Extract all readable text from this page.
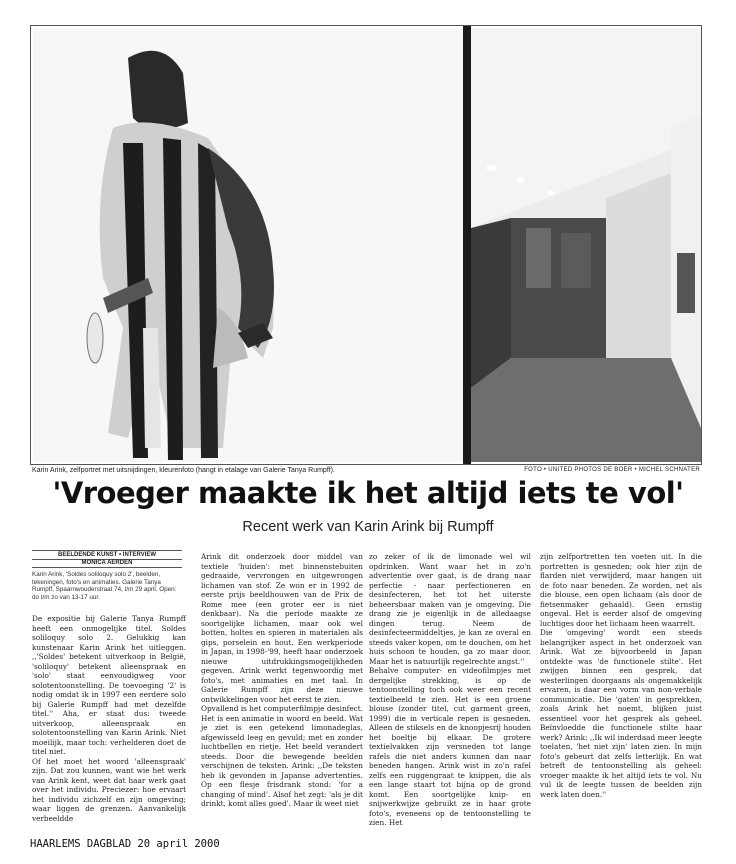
Karin Arink, zelfportret met uitsnijdingen, kleurenfoto (hangt in etalage van Galerie Tanya Rumpff).	FOTO • UNITED PHOTOS DE BOER • MICHEL SCHNATER
'Vroeger maakte ik het altijd iets te vol'
Recent werk van Karin Arink bij Rumpff
BEELDENDE KUNST • INTERVIEW
MONICA AERDEN
Karin Arink, 'Soldes soliloquy solo 2', beelden, tekeningen, foto's en animaties. Galerie Tanya Rumpff, Spaarnwouderstraat 74, t/m 29 april. Open: do t/m zo van 13-17 uur.

De expositie bij Galerie Tanya Rumpff heeft een onmogelijke titel. Soldes soliloquy solo 2. Gelukkig kan kunstenaar Karin Arink het uitleggen. ,,'Soldes' betekent uitverkoop in België, 'soliloquy' betekent alleenspraak en 'solo' staat eenvoudigweg voor solotentoonstelling. De toevoeging '2' is nodig omdat ik in 1997 een eerdere solo bij Galerie Rumpff had met dezelfde titel.'' Aha, er staat dus: tweede uitverkoop, alleenspraak en solotentoonstelling van Karin Arink. Niet moeilijk, maar toch: verhelderen doet de titel niet.

Of het moet het woord 'alleenspraak' zijn. Dat zou kunnen, want wie het werk van Arink kent, weet dat haar werk gaat over het individu. Preciezer: hoe ervaart het individu zichzelf en zijn omgeving; waar liggen de grenzen. Aanvankelijk verbeeldde

Arink dit onderzoek door middel van textiele 'huiden': met binnenstebuiten gedraaide, vervrongen en uitgewrongen lichamen van stof. Ze won er in 1992 de eerste prijs beeldhouwen van de Prix de Rome mee (een groter eer is niet denkbaar). Na die periode maakte ze soortgelijke lichamen, maar ook wel botten, holtes en spieren in materialen als gips, porselein en hout. Een werkperiode in Japan, in 1998-'99, heeft haar onderzoek nieuwe uitdrukkingsmogelijkheden gegeven. Arink werkt tegenwoordig met foto's, met animaties en met taal. In Galerie Rumpff zijn deze nieuwe ontwikkelingen voor het eerst te zien.

Opvallend is het computerfilmpje desinfect. Het is een animatie in woord en beeld. Wat je ziet is een getekend limonadeglas, afgewisseld leeg en gevuld; met en zonder luchtbellen en rietje. Het beeld verandert steeds. Door die bewegende beelden verschijnen de teksten. Arink: ,,De teksten heb ik gevonden in Japanse advertenties. Op een flesje frisdrank stond: 'for a changing of mind'. Alsof het zegt: 'als je dit drinkt, komt alles goed'. Maar ik weet niet

zo zeker of ik de limonade wel wil opdrinken. Want waar het in zo'n advertentie over gaat, is de drang naar perfectie - naar perfectioneren en desinfecteren, het tot het uiterste beheersbaar maken van je omgeving. Die drang zie je eigenlijk in de alledaagse dingen terug. Neem de desinfecteermiddeltjes, je kan ze overal en steeds vaker kopen, om te douchen, om het huis schoon te houden, ga zo maar door. Maar het is natuurlijk regelrechte angst.''

Behalve computer- en videofilmpjes met dergelijke strekking, is op de tentoonstelling toch ook weer een recent textielbeeld te zien. Het is een groene blouse (zonder titel, cut garment green, 1999) die in verticale repen is gesneden. Alleen de stiksels en de knoopjesrij houden het boeltje bij elkaar. De grotere textielvakken zijn versneden tot lange rafels die niet anders kunnen dan naar beneden hangen. Arink wist in zo'n rafel zelfs een ruggengraat te knippen, die als een lange staart tot bijna op de grond komt. Een soortgelijke knip- en snijwerkwijze gebruikt ze in haar grote foto's, eveneens op de tentoonstelling te zien. Het

zijn zelfportretten ten voeten uit. In die portretten is gesneden; ook hier zijn de flarden niet verwijderd, maar hangen uit de foto naar beneden. Ze worden, net als die blouse, een open lichaam (als door de fietsenmaker gehaald). Geen ernstig ongeval. Het is eerder alsof de omgeving luchtiges door het lichaam heen waarrelt.

Die 'omgeving' wordt een steeds belangrijker aspect in het onderzoek van Arink. Wat ze bijvoorbeeld in Japan ontdekte was 'de functionele stilte'. Het zwijgen binnen een gesprek, dat westerlingen doorgaans als ongemakkelijk ervaren, is daar een vorm van non-verbale communicatie. Die 'gaten' in gesprekken, zoals Arink het noemt, blijken juist essentieel voor het gesprek als geheel. Beïnvloedde die functionele stilte haar werk? Arink: ,,Ik wil inderdaad meer leegte toelaten, 'het niet zijn' laten zien. In mijn foto's gebeurt dat zelfs letterlijk. En wat betreft de tentoonstelling als geheel: vroeger maakte ik het altijd iets te vol. Nu vul ik de leegte tussen de beelden zijn werk laten doen.''

HAARLEMS DAGBLAD 20 april 2000
